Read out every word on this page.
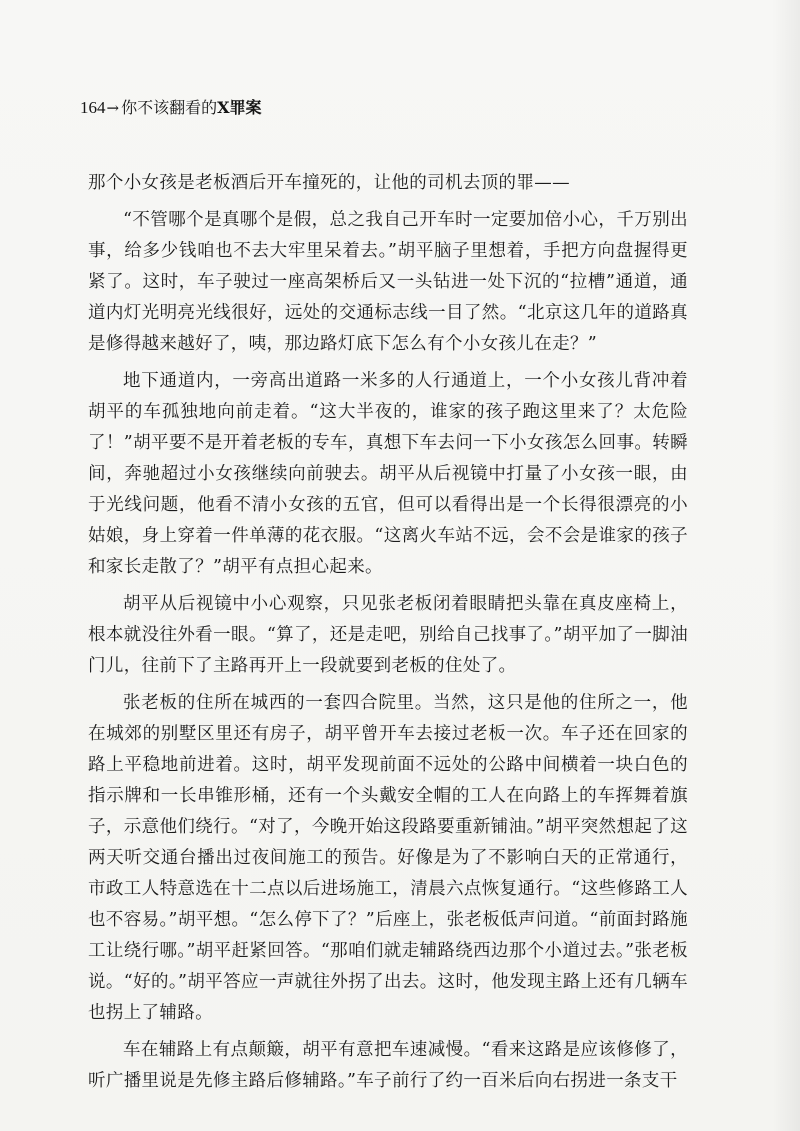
164→ 你不该翻看的X罪案

那个小女孩是老板酒后开车撞死的，让他的司机去顶的罪——

“不管哪个是真哪个是假，总之我自己开车时一定要加倍小心，千万别出事，给多少钱咱也不去大牢里呆着去。”胡平脑子里想着，手把方向盘握得更紧了。这时，车子驶过一座高架桥后又一头钻进一处下沉的“拉槽”通道，通道内灯光明亮光线很好，远处的交通标志线一目了然。“北京这几年的道路真是修得越来越好了，咦，那边路灯底下怎么有个小女孩儿在走？”

地下通道内，一旁高出道路一米多的人行通道上，一个小女孩儿背冲着胡平的车孤独地向前走着。“这大半夜的，谁家的孩子跑这里来了？太危险了！”胡平要不是开着老板的专车，真想下车去问一下小女孩怎么回事。转瞬间，奔驰超过小女孩继续向前驶去。胡平从后视镜中打量了小女孩一眼，由于光线问题，他看不清小女孩的五官，但可以看得出是一个长得很漂亮的小姑娘，身上穿着一件单薄的花衣服。“这离火车站不远，会不会是谁家的孩子和家长走散了？”胡平有点担心起来。

胡平从后视镜中小心观察，只见张老板闭着眼睛把头靠在真皮座椅上，根本就没往外看一眼。“算了，还是走吧，别给自己找事了。”胡平加了一脚油门儿，往前下了主路再开上一段就要到老板的住处了。

张老板的住所在城西的一套四合院里。当然，这只是他的住所之一，他在城郊的别墅区里还有房子，胡平曾开车去接过老板一次。车子还在回家的路上平稳地前进着。这时，胡平发现前面不远处的公路中间横着一块白色的指示牌和一长串锥形桶，还有一个头戴安全帽的工人在向路上的车挥舞着旗子，示意他们绕行。“对了，今晚开始这段路要重新铺油。”胡平突然想起了这两天听交通台播出过夜间施工的预告。好像是为了不影响白天的正常通行，市政工人特意选在十二点以后进场施工，清晨六点恢复通行。“这些修路工人也不容易。”胡平想。“怎么停下了？”后座上，张老板低声问道。“前面封路施工让绕行哪。”胡平赶紧回答。“那咱们就走辅路绕西边那个小道过去。”张老板说。“好的。”胡平答应一声就往外拐了出去。这时，他发现主路上还有几辆车也拐上了辅路。

车在辅路上有点颠簸，胡平有意把车速减慢。“看来这路是应该修修了，听广播里说是先修主路后修辅路。”车子前行了约一百米后向右拐进一条支干
